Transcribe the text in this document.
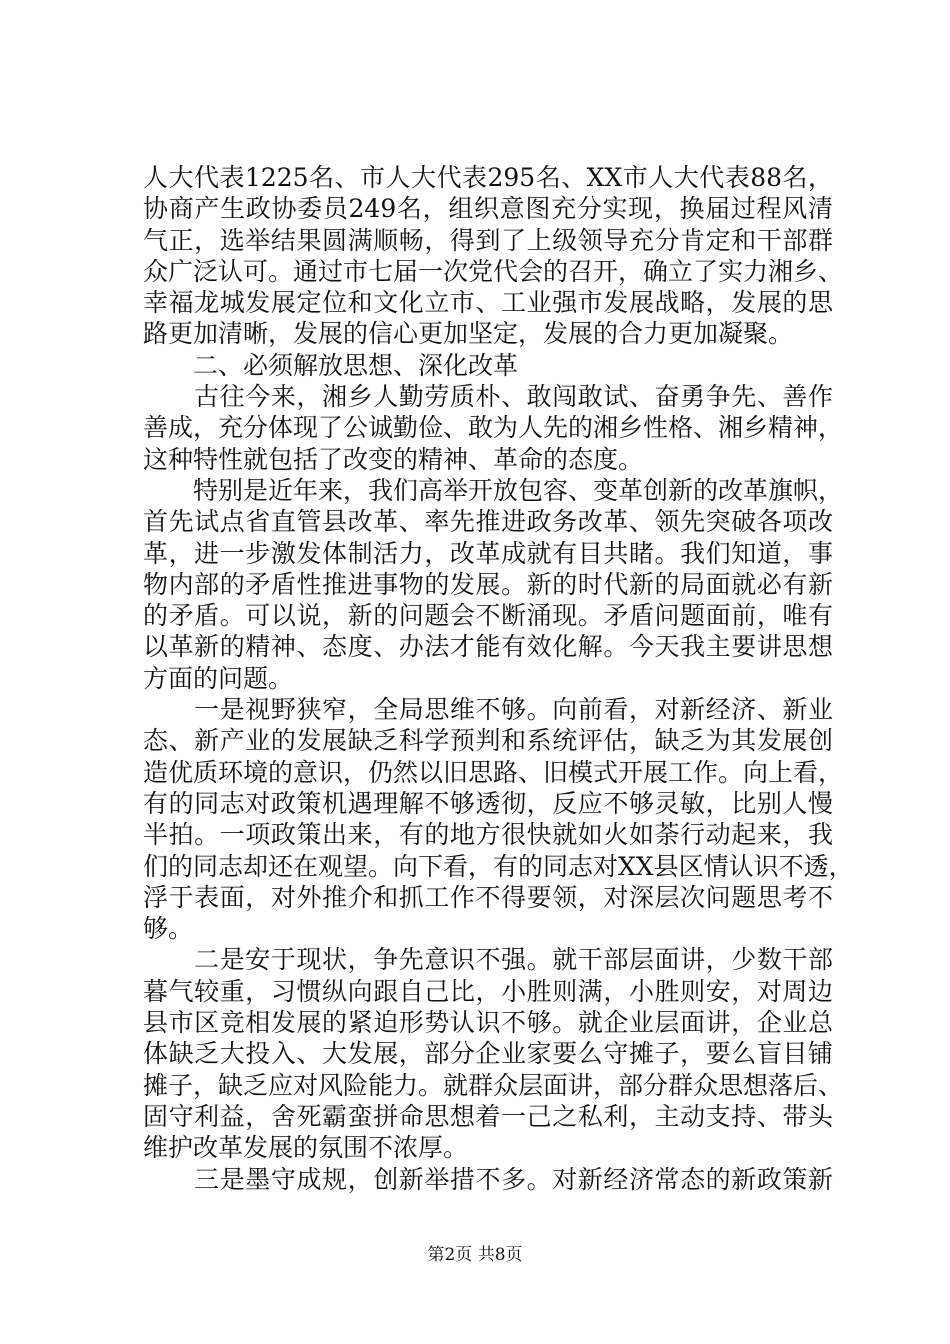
人大代表1225名、市人大代表295名、XX市人大代表88名，
协商产生政协委员249名，组织意图充分实现，换届过程风清
气正，选举结果圆满顺畅，得到了上级领导充分肯定和干部群
众广泛认可。通过市七届一次党代会的召开，确立了实力湘乡、
幸福龙城发展定位和文化立市、工业强市发展战略，发展的思
路更加清晰，发展的信心更加坚定，发展的合力更加凝聚。
　　二、必须解放思想、深化改革
　　古往今来，湘乡人勤劳质朴、敢闯敢试、奋勇争先、善作
善成，充分体现了公诚勤俭、敢为人先的湘乡性格、湘乡精神，
这种特性就包括了改变的精神、革命的态度。
　　特别是近年来，我们高举开放包容、变革创新的改革旗帜，
首先试点省直管县改革、率先推进政务改革、领先突破各项改
革，进一步激发体制活力，改革成就有目共睹。我们知道，事
物内部的矛盾性推进事物的发展。新的时代新的局面就必有新
的矛盾。可以说，新的问题会不断涌现。矛盾问题面前，唯有
以革新的精神、态度、办法才能有效化解。今天我主要讲思想
方面的问题。
　　一是视野狭窄，全局思维不够。向前看，对新经济、新业
态、新产业的发展缺乏科学预判和系统评估，缺乏为其发展创
造优质环境的意识，仍然以旧思路、旧模式开展工作。向上看，
有的同志对政策机遇理解不够透彻，反应不够灵敏，比别人慢
半拍。一项政策出来，有的地方很快就如火如荼行动起来，我
们的同志却还在观望。向下看，有的同志对XX县区情认识不透，
浮于表面，对外推介和抓工作不得要领，对深层次问题思考不
够。
　　二是安于现状，争先意识不强。就干部层面讲，少数干部
暮气较重，习惯纵向跟自己比，小胜则满，小胜则安，对周边
县市区竞相发展的紧迫形势认识不够。就企业层面讲，企业总
体缺乏大投入、大发展，部分企业家要么守摊子，要么盲目铺
摊子，缺乏应对风险能力。就群众层面讲，部分群众思想落后、
固守利益，舍死霸蛮拼命思想着一己之私利，主动支持、带头
维护改革发展的氛围不浓厚。
　　三是墨守成规，创新举措不多。对新经济常态的新政策新
第2页 共8页
